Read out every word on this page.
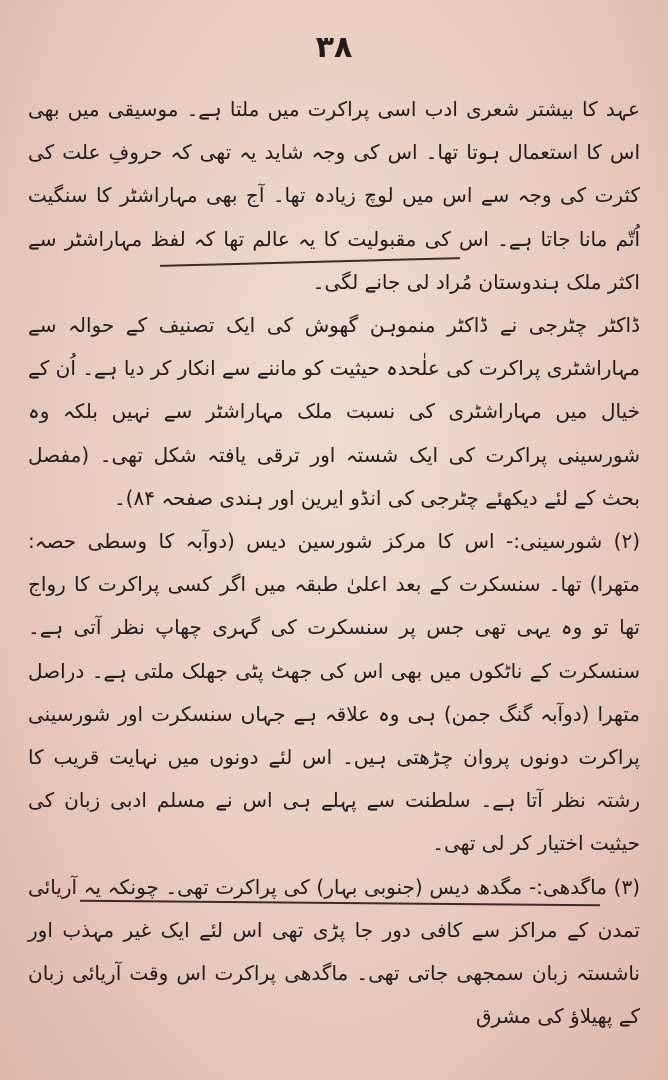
۳۸

عہد کا بیشتر شعری ادب اسی پراکرت میں ملتا ہے۔ موسیقی میں بھی اس کا استعمال ہوتا تھا۔ اس کی وجہ شاید یہ تھی کہ حروفِ علت کی کثرت کی وجہ سے اس میں لوچ زیادہ تھا۔ آج بھی مہاراشٹر کا سنگیت اُتّم مانا جاتا ہے۔ اس کی مقبولیت کا یہ عالم تھا کہ لفظ مہاراشٹر سے اکثر ملک ہندوستان مُراد لی جانے لگی۔

ڈاکٹر چٹرجی نے ڈاکٹر منموہن گھوش کی ایک تصنیف کے حوالہ سے مہاراشٹری پراکرت کی علٰحدہ حیثیت کو ماننے سے انکار کر دیا ہے۔ اُن کے خیال میں مہاراشٹری کی نسبت ملک مہاراشٹر سے نہیں بلکہ وہ شورسینی پراکرت کی ایک شستہ اور ترقی یافتہ شکل تھی۔ (مفصل بحث کے لئے دیکھئے چٹرجی کی انڈو ایرین اور ہندی صفحہ ۸۴)۔

(۲) شورسینی:- اس کا مرکز شورسین دیس (دوآبہ کا وسطی حصہ: متھرا) تھا۔ سنسکرت کے بعد اعلیٰ طبقہ میں اگر کسی پراکرت کا رواج تھا تو وہ یہی تھی جس پر سنسکرت کی گہری چھاپ نظر آتی ہے۔ سنسکرت کے ناٹکوں میں بھی اس کی جھٹ پٹی جھلک ملتی ہے۔ دراصل متھرا (دوآبہ گنگ جمن) ہی وہ علاقہ ہے جہاں سنسکرت اور شورسینی پراکرت دونوں پروان چڑھتی ہیں۔ اس لئے دونوں میں نہایت قریب کا رشتہ نظر آتا ہے۔ سلطنت سے پہلے ہی اس نے مسلم ادبی زبان کی حیثیت اختیار کر لی تھی۔

(۳) ماگدھی:- مگدھ دیس (جنوبی بہار) کی پراکرت تھی۔ چونکہ یہ آریائی تمدن کے مراکز سے کافی دور جا پڑی تھی اس لئے ایک غیر مہذب اور ناشستہ زبان سمجھی جاتی تھی۔ ماگدھی پراکرت اس وقت آریائی زبان کے پھیلاؤ کی مشرق
